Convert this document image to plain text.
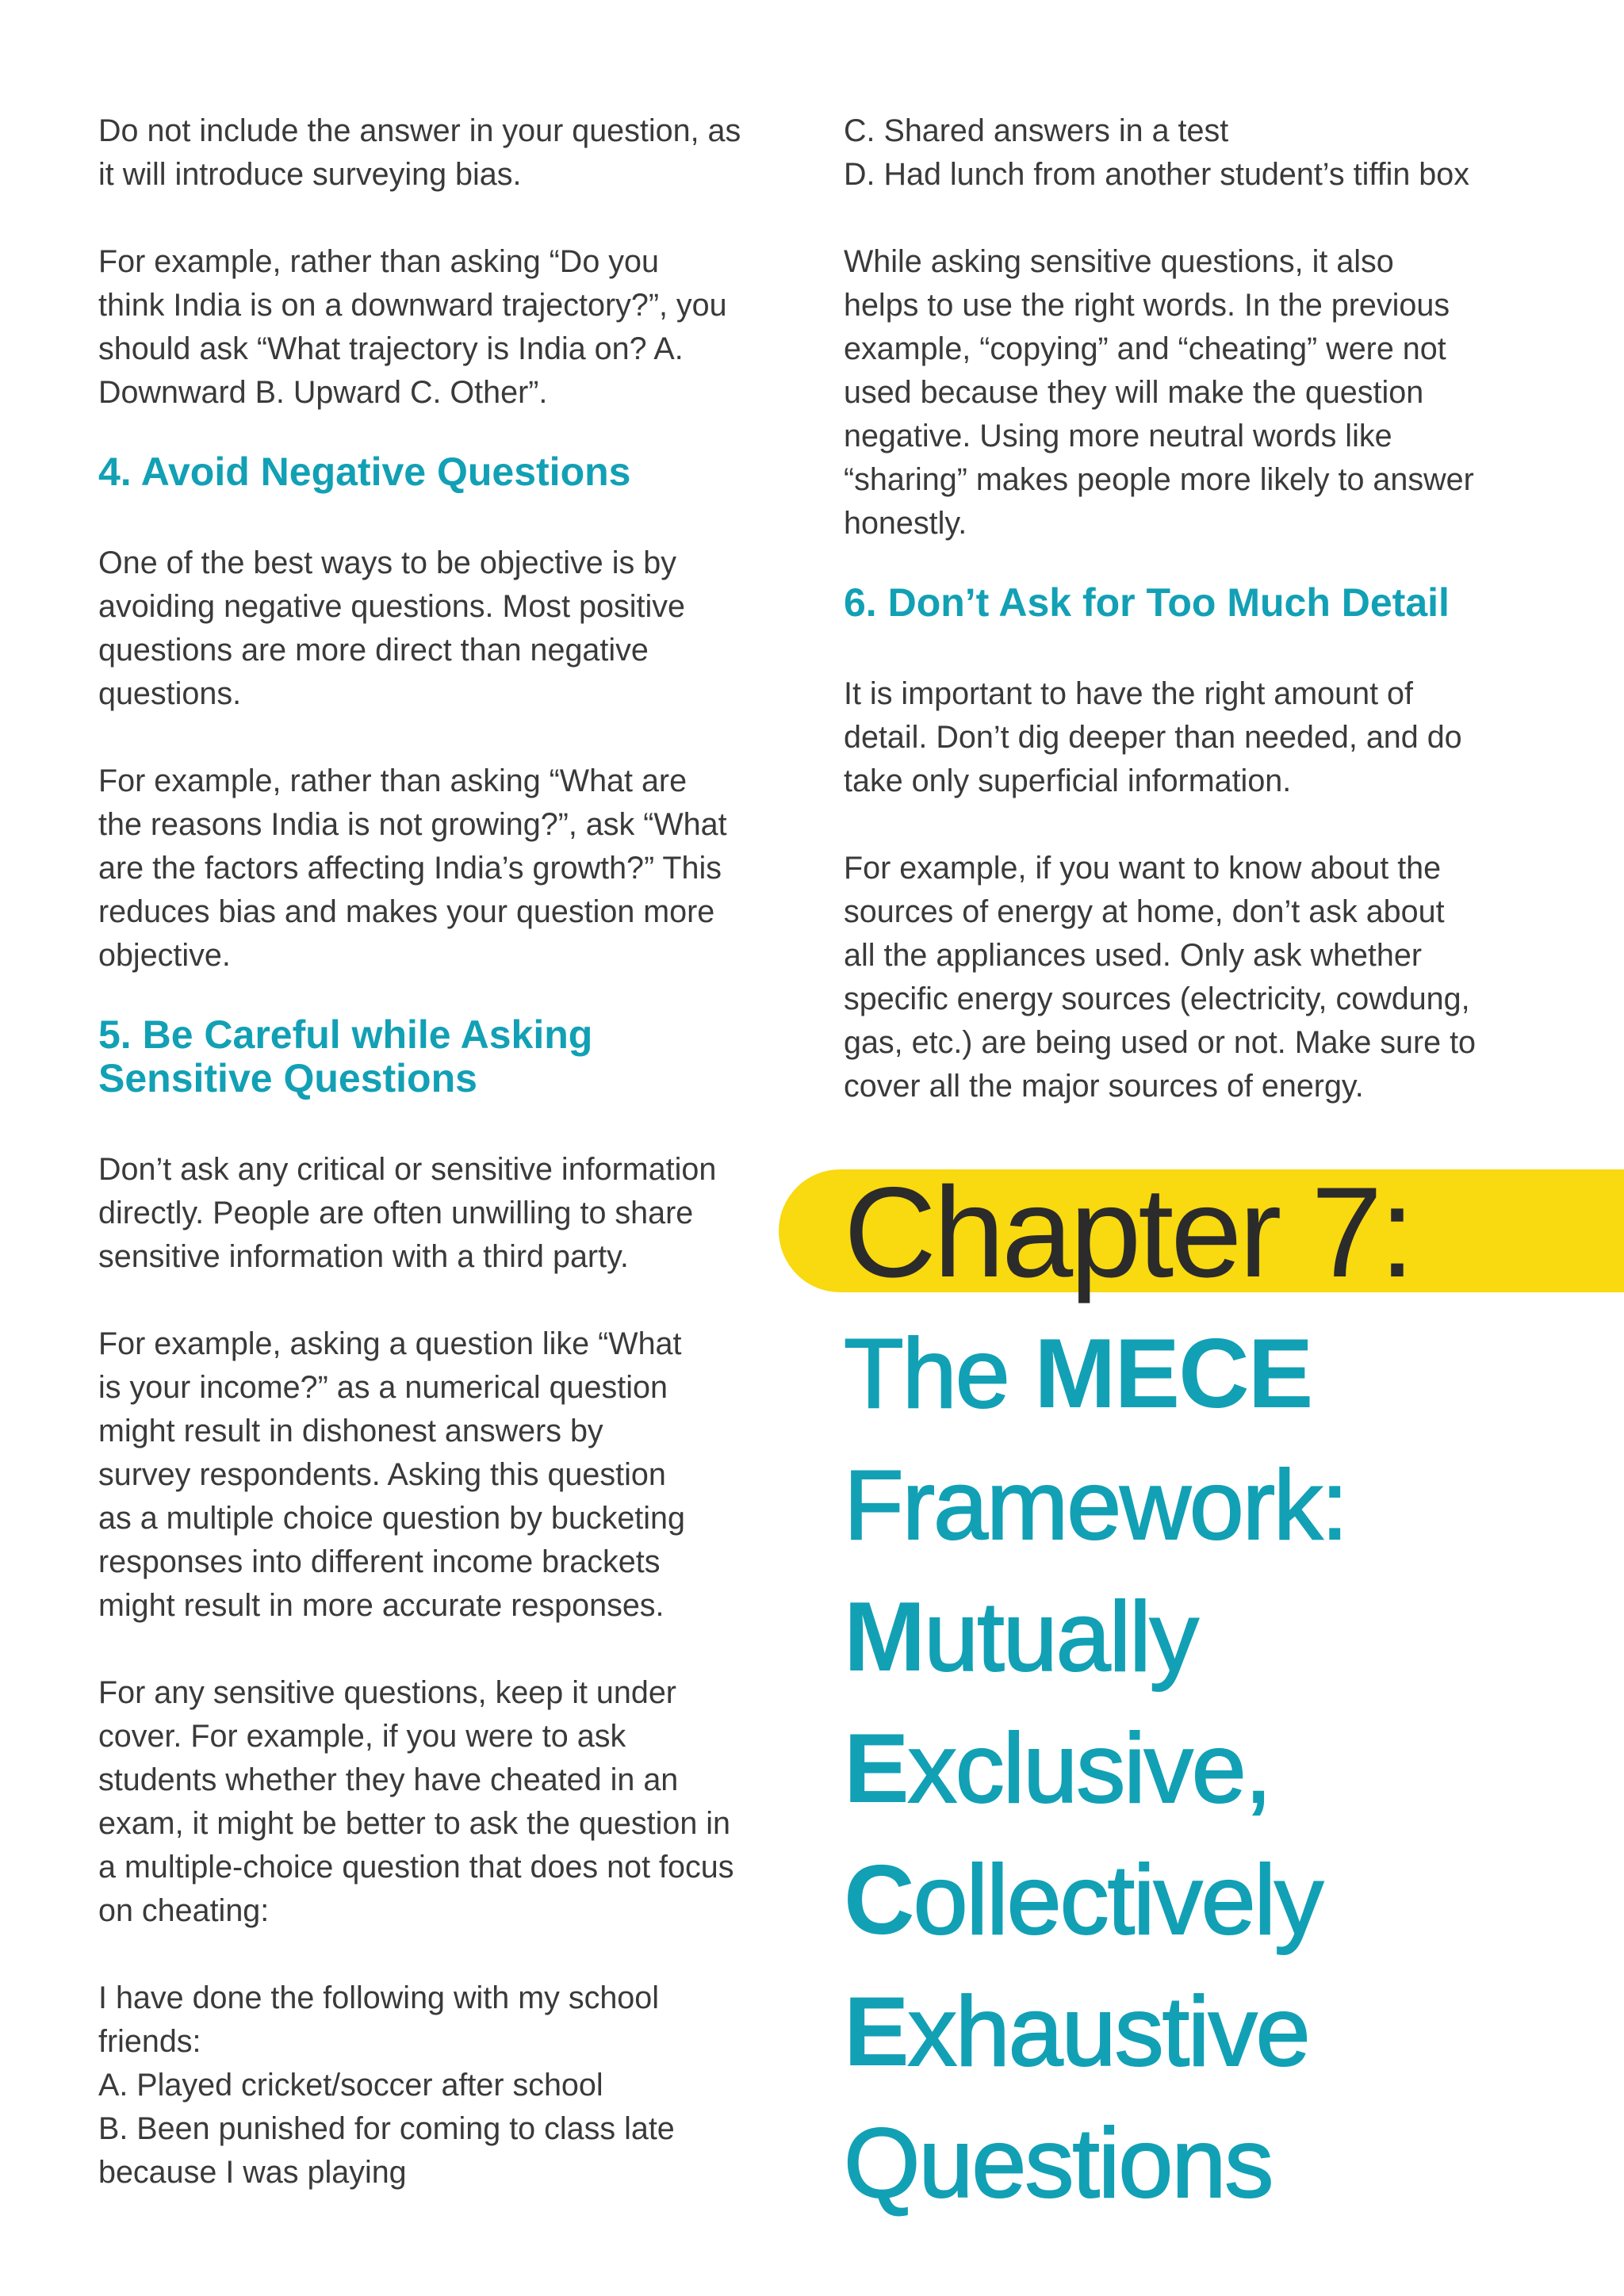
Do not include the answer in your question, as
it will introduce surveying bias.

For example, rather than asking “Do you
think India is on a downward trajectory?”, you
should ask “What trajectory is India on? A.
Downward B. Upward C. Other”.

4. Avoid Negative Questions

One of the best ways to be objective is by
avoiding negative questions. Most positive
questions are more direct than negative
questions.

For example, rather than asking “What are
the reasons India is not growing?”, ask “What
are the factors affecting India’s growth?” This
reduces bias and makes your question more
objective.

5. Be Careful while Asking
Sensitive Questions

Don’t ask any critical or sensitive information
directly. People are often unwilling to share
sensitive information with a third party.

For example, asking a question like “What
is your income?” as a numerical question
might result in dishonest answers by
survey respondents. Asking this question
as a multiple choice question by bucketing
responses into different income brackets
might result in more accurate responses.

For any sensitive questions, keep it under
cover. For example, if you were to ask
students whether they have cheated in an
exam, it might be better to ask the question in
a multiple-choice question that does not focus
on cheating:

I have done the following with my school
friends:
A. Played cricket/soccer after school
B. Been punished for coming to class late
because I was playing

C. Shared answers in a test
D. Had lunch from another student’s tiffin box

While asking sensitive questions, it also
helps to use the right words. In the previous
example, “copying” and “cheating” were not
used because they will make the question
negative. Using more neutral words like
“sharing” makes people more likely to answer
honestly.

6. Don’t Ask for Too Much Detail

It is important to have the right amount of
detail. Don’t dig deeper than needed, and do
take only superficial information.

For example, if you want to know about the
sources of energy at home, don’t ask about
all the appliances used. Only ask whether
specific energy sources (electricity, cowdung,
gas, etc.) are being used or not. Make sure to
cover all the major sources of energy.

Chapter 7:
The MECE
Framework:
Mutually
Exclusive,
Collectively
Exhaustive
Questions
